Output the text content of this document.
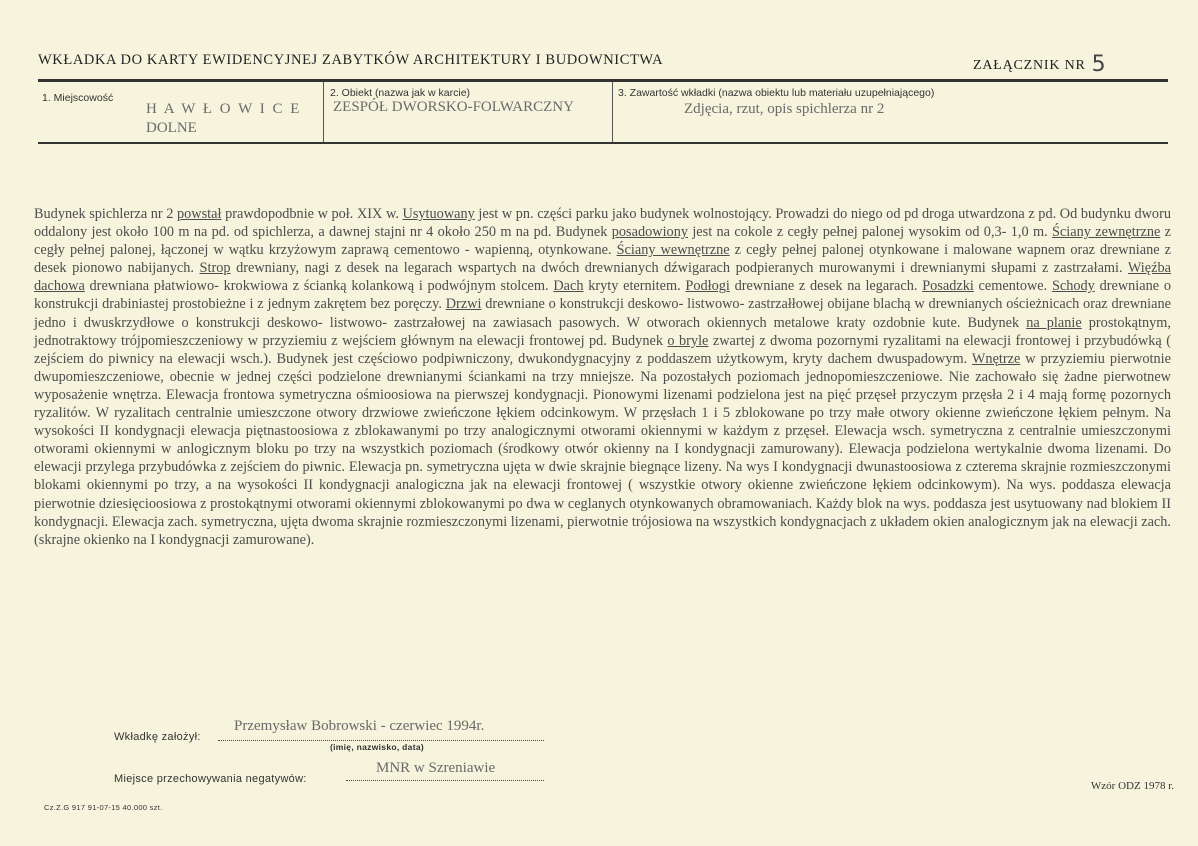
WKŁADKA DO KARTY EWIDENCYJNEJ ZABYTKÓW ARCHITEKTURY I BUDOWNICTWA	ZAŁĄCZNIK NR 5
1. Miejscowość
H A W Ł O W I C E
DOLNE
2. Obiekt (nazwa jak w karcie)
ZESPÓŁ DWORSKO-FOLWARCZNY
3. Zawartość wkładki (nazwa obiektu lub materiału uzupełniającego)
Zdjęcia, rzut, opis spichlerza nr 2
Budynek spichlerza nr 2 powstał prawdopodbnie w poł. XIX w. Usytuowany jest w pn. części parku jako budynek wolnostojący. Prowadzi do niego od pd droga utwardzona z pd. Od budynku dworu oddalony jest około 100 m na pd. od spichlerza, a dawnej stajni nr 4 około 250 m na pd. Budynek posadowiony jest na cokole z cegły pełnej palonej wysokim od 0,3- 1,0 m. Ściany zewnętrzne z cegły pełnej palonej, łączonej w wątku krzyżowym zaprawą cementowo - wapienną, otynkowane. Ściany wewnętrzne z cegły pełnej palonej otynkowane i malowane wapnem oraz drewniane z desek pionowo nabijanych. Strop drewniany, nagi z desek na legarach wspartych na dwóch drewnianych dźwigarach podpieranych murowanymi i drewnianymi słupami z zastrzałami. Więźba dachowa drewniana płatwiowo- krokwiowa z ścianką kolankową i podwójnym stolcem. Dach kryty eternitem. Podłogi drewniane z desek na legarach. Posadzki cementowe. Schody drewniane o konstrukcji drabiniastej prostobieżne i z jednym zakrętem bez poręczy. Drzwi drewniane o konstrukcji deskowo- listwowo- zastrzałłowej obijane blachą w drewnianych ościeżnicach oraz drewniane jedno i dwuskrzydłowe o konstrukcji deskowo- listwowo- zastrzałowej na zawiasach pasowych. W otworach okiennych metalowe kraty ozdobnie kute. Budynek na planie prostokątnym, jednotraktowy trójpomieszczeniowy w przyziemiu z wejściem głównym na elewacji frontowej pd. Budynek o bryle zwartej z dwoma pozornymi ryzalitami na elewacji frontowej i przybudówką ( zejściem do piwnicy na elewacji wsch.). Budynek jest częściowo podpiwniczony, dwukondygnacyjny z poddaszem użytkowym, kryty dachem dwuspadowym. Wnętrze w przyziemiu pierwotnie dwupomieszczeniowe, obecnie w jednej części podzielone drewnianymi ściankami na trzy mniejsze. Na pozostałych poziomach jednopomieszczeniowe. Nie zachowało się żadne pierwotnew wyposażenie wnętrza. Elewacja frontowa symetryczna ośmioosiowa na pierwszej kondygnacji. Pionowymi lizenami podzielona jest na pięć przęseł przyczym przęsła 2 i 4 mają formę pozornych ryzalitów. W ryzalitach centralnie umieszczone otwory drzwiowe zwieńczone łękiem odcinkowym. W przęsłach 1 i 5 zblokowane po trzy małe otwory okienne zwieńczone łękiem pełnym. Na wysokości II kondygnacji elewacja piętnastoosiowa z zblokawanymi po trzy analogicznymi otworami okiennymi w każdym z przęseł. Elewacja wsch. symetryczna z centralnie umieszczonymi otworami okiennymi w anlogicznym bloku po trzy na wszystkich poziomach (środkowy otwór okienny na I kondygnacji zamurowany). Elewacja podzielona wertykalnie dwoma lizenami. Do elewacji przylega przybudówka z zejściem do piwnic. Elewacja pn. symetryczna ujęta w dwie skrajnie biegnące lizeny. Na wys I kondygnacji dwunastoosiowa z czterema skrajnie rozmieszczonymi blokami okiennymi po trzy, a na wysokości II kondygnacji analogiczna jak na elewacji frontowej ( wszystkie otwory okienne zwieńczone łękiem odcinkowym). Na wys. poddasza elewacja pierwotnie dziesięcioosiowa z prostokątnymi otworami okiennymi zblokowanymi po dwa w ceglanych otynkowanych obramowaniach. Każdy blok na wys. poddasza jest usytuowany nad blokiem II kondygnacji. Elewacja zach. symetryczna, ujęta dwoma skrajnie rozmieszczonymi lizenami, pierwotnie trójosiowa na wszystkich kondygnacjach z układem okien analogicznym jak na elewacji zach. (skrajne okienko na I kondygnacji zamurowane).
Wkładkę założył:
Przemysław Bobrowski - czerwiec 1994r.
(imię, nazwisko, data)
Miejsce przechowywania negatywów:
MNR w Szreniawie
Cz.Z.G 917 91-07-15 40.000 szt.
Wzór ODZ 1978 r.
